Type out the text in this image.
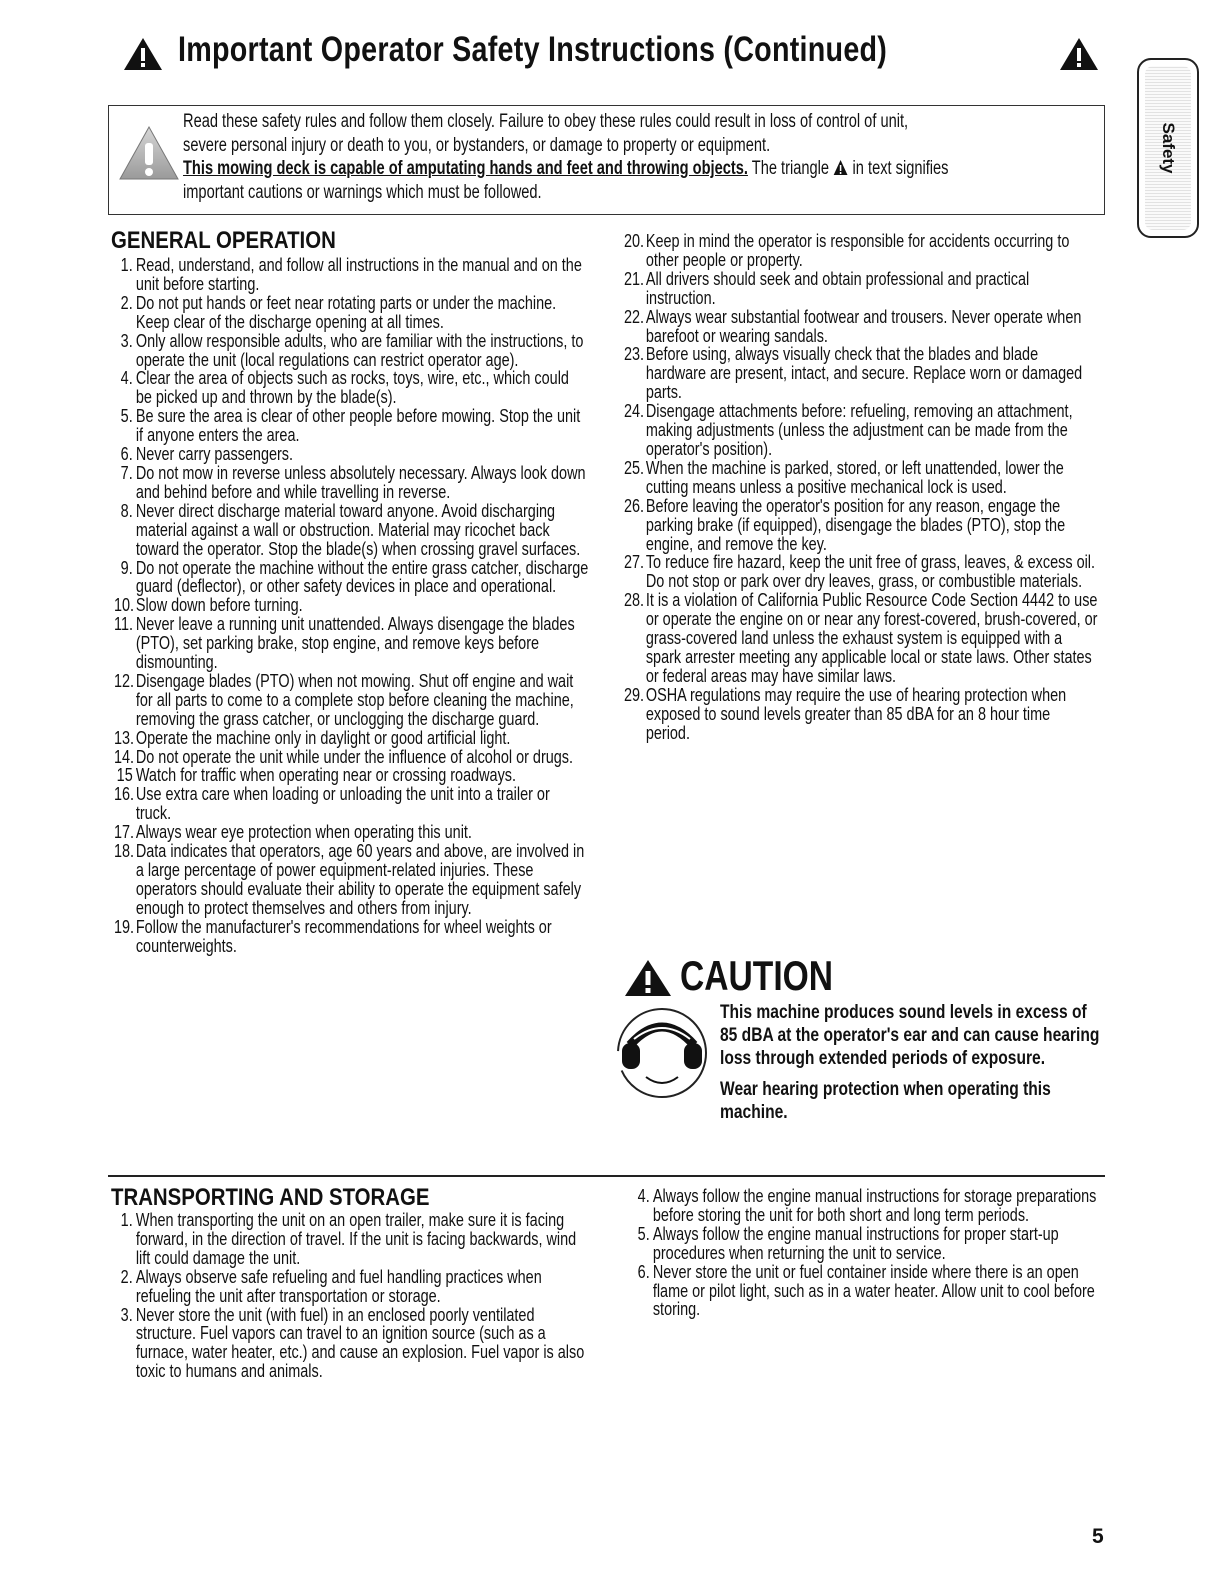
Important Operator Safety Instructions (Continued)
Safety
Read these safety rules and follow them closely. Failure to obey these rules could result in loss of control of unit,
severe personal injury or death to you, or bystanders, or damage to property or equipment.
This mowing deck is capable of amputating hands and feet and throwing objects. The triangle  in text signifies
important cautions or warnings which must be followed.
GENERAL OPERATION
1. Read, understand, and follow all instructions in the manual and on the unit before starting.
2. Do not put hands or feet near rotating parts or under the machine. Keep clear of the discharge opening at all times.
3. Only allow responsible adults, who are familiar with the instructions, to operate the unit (local regulations can restrict operator age).
4. Clear the area of objects such as rocks, toys, wire, etc., which could be picked up and thrown by the blade(s).
5. Be sure the area is clear of other people before mowing. Stop the unit if anyone enters the area.
6. Never carry passengers.
7. Do not mow in reverse unless absolutely necessary. Always look down and behind before and while travelling in reverse.
8. Never direct discharge material toward anyone. Avoid discharging material against a wall or obstruction. Material may ricochet back toward the operator. Stop the blade(s) when crossing gravel surfaces.
9. Do not operate the machine without the entire grass catcher, discharge guard (deflector), or other safety devices in place and operational.
10. Slow down before turning.
11. Never leave a running unit unattended. Always disengage the blades (PTO), set parking brake, stop engine, and remove keys before dismounting.
12. Disengage blades (PTO) when not mowing. Shut off engine and wait for all parts to come to a complete stop before cleaning the machine, removing the grass catcher, or unclogging the discharge guard.
13. Operate the machine only in daylight or good artificial light.
14. Do not operate the unit while under the influence of alcohol or drugs.
15 Watch for traffic when operating near or crossing roadways.
16. Use extra care when loading or unloading the unit into a trailer or truck.
17. Always wear eye protection when operating this unit.
18. Data indicates that operators, age 60 years and above, are involved in a large percentage of power equipment-related injuries. These operators should evaluate their ability to operate the equipment safely enough to protect themselves and others from injury.
19. Follow the manufacturer's recommendations for wheel weights or counterweights.
20. Keep in mind the operator is responsible for accidents occurring to other people or property.
21. All drivers should seek and obtain professional and practical instruction.
22. Always wear substantial footwear and trousers. Never operate when barefoot or wearing sandals.
23. Before using, always visually check that the blades and blade hardware are present, intact, and secure. Replace worn or damaged parts.
24. Disengage attachments before: refueling, removing an attachment, making adjustments (unless the adjustment can be made from the operator's position).
25. When the machine is parked, stored, or left unattended, lower the cutting means unless a positive mechanical lock is used.
26. Before leaving the operator's position for any reason, engage the parking brake (if equipped), disengage the blades (PTO), stop the engine, and remove the key.
27. To reduce fire hazard, keep the unit free of grass, leaves, & excess oil. Do not stop or park over dry leaves, grass, or combustible materials.
28. It is a violation of California Public Resource Code Section 4442 to use or operate the engine on or near any forest-covered, brush-covered, or grass-covered land unless the exhaust system is equipped with a spark arrester meeting any applicable local or state laws. Other states or federal areas may have similar laws.
29. OSHA regulations may require the use of hearing protection when exposed to sound levels greater than 85 dBA for an 8 hour time period.
CAUTION

This machine produces sound levels in excess of 85 dBA at the operator's ear and can cause hearing loss through extended periods of exposure.

Wear hearing protection when operating this machine.

TRANSPORTING AND STORAGE
1. When transporting the unit on an open trailer, make sure it is facing forward, in the direction of travel. If the unit is facing backwards, wind lift could damage the unit.
2. Always observe safe refueling and fuel handling practices when refueling the unit after transportation or storage.
3. Never store the unit (with fuel) in an enclosed poorly ventilated structure. Fuel vapors can travel to an ignition source (such as a furnace, water heater, etc.) and cause an explosion. Fuel vapor is also toxic to humans and animals.
4. Always follow the engine manual instructions for storage preparations before storing the unit for both short and long term periods.
5. Always follow the engine manual instructions for proper start-up procedures when returning the unit to service.
6. Never store the unit or fuel container inside where there is an open flame or pilot light, such as in a water heater. Allow unit to cool before storing.
5
